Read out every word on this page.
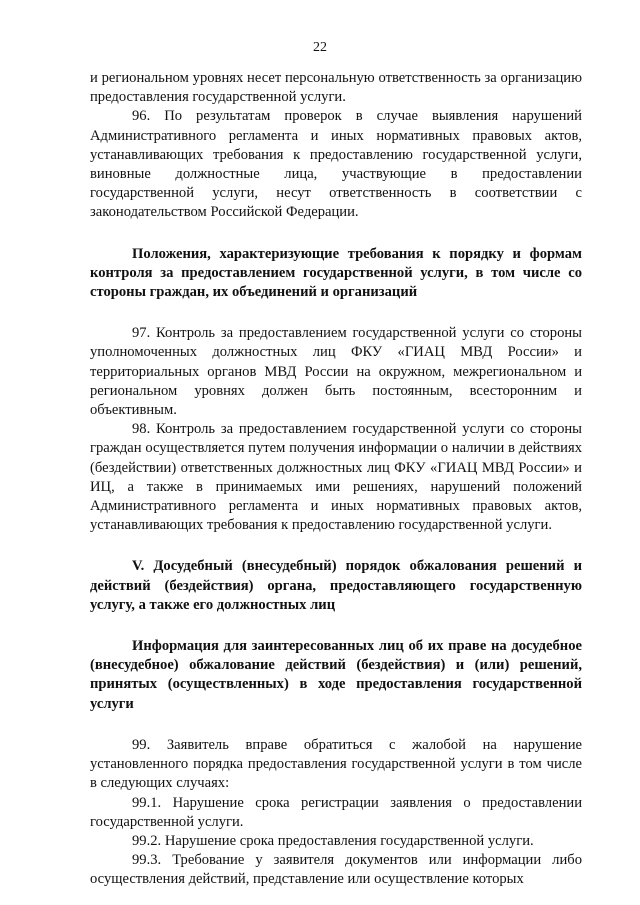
22

и региональном уровнях несет персональную ответственность за организацию предоставления государственной услуги.

96. По результатам проверок в случае выявления нарушений Административного регламента и иных нормативных правовых актов, устанавливающих требования к предоставлению государственной услуги, виновные должностные лица, участвующие в предоставлении государственной услуги, несут ответственность в соответствии с законодательством Российской Федерации.

Положения, характеризующие требования к порядку и формам контроля за предоставлением государственной услуги, в том числе со стороны граждан, их объединений и организаций

97. Контроль за предоставлением государственной услуги со стороны уполномоченных должностных лиц ФКУ «ГИАЦ МВД России» и территориальных органов МВД России на окружном, межрегиональном и региональном уровнях должен быть постоянным, всесторонним и объективным.

98. Контроль за предоставлением государственной услуги со стороны граждан осуществляется путем получения информации о наличии в действиях (бездействии) ответственных должностных лиц ФКУ «ГИАЦ МВД России» и ИЦ, а также в принимаемых ими решениях, нарушений положений Административного регламента и иных нормативных правовых актов, устанавливающих требования к предоставлению государственной услуги.

V. Досудебный (внесудебный) порядок обжалования решений и действий (бездействия) органа, предоставляющего государственную услугу, а также его должностных лиц

Информация для заинтересованных лиц об их праве на досудебное (внесудебное) обжалование действий (бездействия) и (или) решений, принятых (осуществленных) в ходе предоставления государственной услуги

99. Заявитель вправе обратиться с жалобой на нарушение установленного порядка предоставления государственной услуги в том числе в следующих случаях:

99.1. Нарушение срока регистрации заявления о предоставлении государственной услуги.

99.2. Нарушение срока предоставления государственной услуги.

99.3. Требование у заявителя документов или информации либо осуществления действий, представление или осуществление которых
